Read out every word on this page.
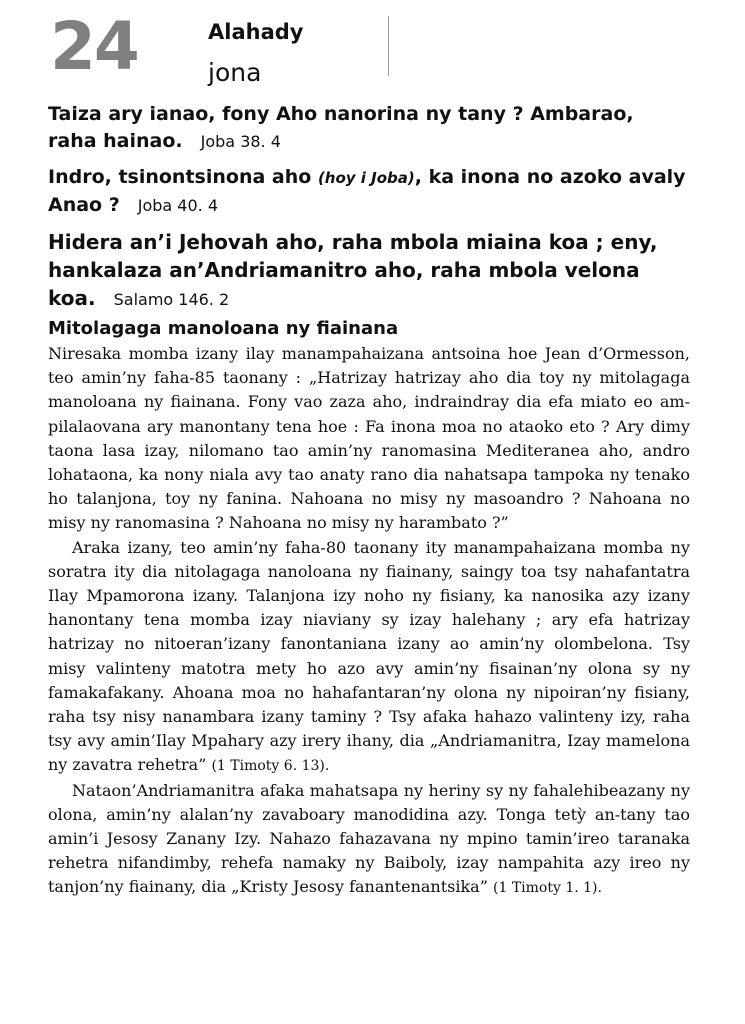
24	Alahady
jona
Taiza ary ianao, fony Aho nanorina ny tany ? Ambarao, raha hainao. Joba 38. 4
Indro, tsinontsinona aho (hoy i Joba), ka inona no azoko avaly Anao ? Joba 40. 4
Hidera an’i Jehovah aho, raha mbola miaina koa ; eny, hankalaza an’Andriamanitro aho, raha mbola velona koa. Salamo 146. 2
Mitolagaga manoloana ny fiainana

Niresaka momba izany ilay manampahaizana antsoina hoe Jean d’Ormesson, teo amin’ny faha-85 taonany : „Hatrizay hatrizay aho dia toy ny mitolagaga manoloana ny fiainana. Fony vao zaza aho, indraindray dia efa miato eo am-pilalaovana ary manontany tena hoe : Fa inona moa no ataoko eto ? Ary dimy taona lasa izay, nilomano tao amin’ny ranomasina Mediteranea aho, andro lohataona, ka nony niala avy tao anaty rano dia nahatsapa tampoka ny tenako ho talanjona, toy ny fanina. Nahoana no misy ny masoandro ? Nahoana no misy ny ranomasina ? Nahoana no misy ny harambato ?”

Araka izany, teo amin’ny faha-80 taonany ity manampahaizana momba ny soratra ity dia nitolagaga nanoloana ny fiainany, saingy toa tsy nahafantatra Ilay Mpamorona izany. Talanjona izy noho ny fisiany, ka nanosika azy izany hanontany tena momba izay niaviany sy izay halehany ; ary efa hatrizay hatrizay no nitoeran’izany fanontaniana izany ao amin’ny olombelona. Tsy misy valinteny matotra mety ho azo avy amin’ny fisainan’ny olona sy ny famakafakany. Ahoana moa no hahafantaran’ny olona ny nipoiran’ny fisiany, raha tsy nisy nanambara izany taminy ? Tsy afaka hahazo valinteny izy, raha tsy avy amin’Ilay Mpahary azy irery ihany, dia „Andriamanitra, Izay mamelona ny zavatra rehetra” (1 Timoty 6. 13).

Nataon’Andriamanitra afaka mahatsapa ny heriny sy ny fahalehibeazany ny olona, amin’ny alalan’ny zavaboary manodidina azy. Tonga tetỳ an-tany tao amin’i Jesosy Zanany Izy. Nahazo fahazavana ny mpino tamin’ireo taranaka rehetra nifandimby, rehefa namaky ny Baiboly, izay nampahita azy ireo ny tanjon’ny fiainany, dia „Kristy Jesosy fanantenantsika” (1 Timoty 1. 1).
